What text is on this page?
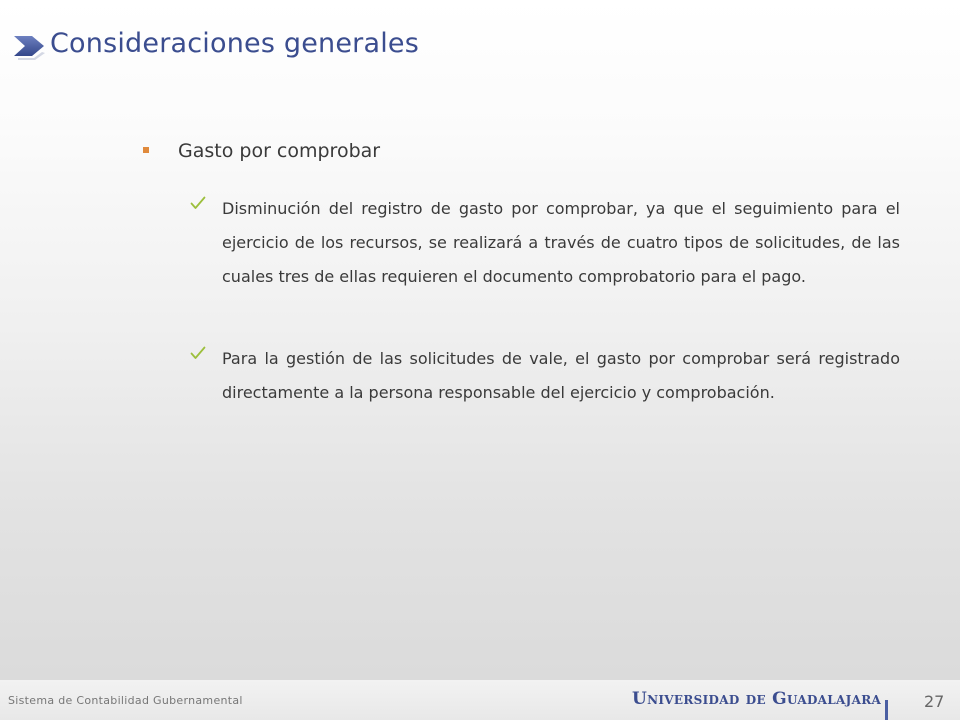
Consideraciones generales
Gasto por comprobar

Disminución del registro de gasto por comprobar, ya que el seguimiento para el ejercicio de los recursos, se realizará a través de cuatro tipos de solicitudes, de las cuales tres de ellas requieren el documento comprobatorio para el pago.

Para la gestión de las solicitudes de vale, el gasto por comprobar será registrado directamente a la persona responsable del ejercicio y comprobación.

Sistema de Contabilidad Gubernamental	Universidad de Guadalajara	27
